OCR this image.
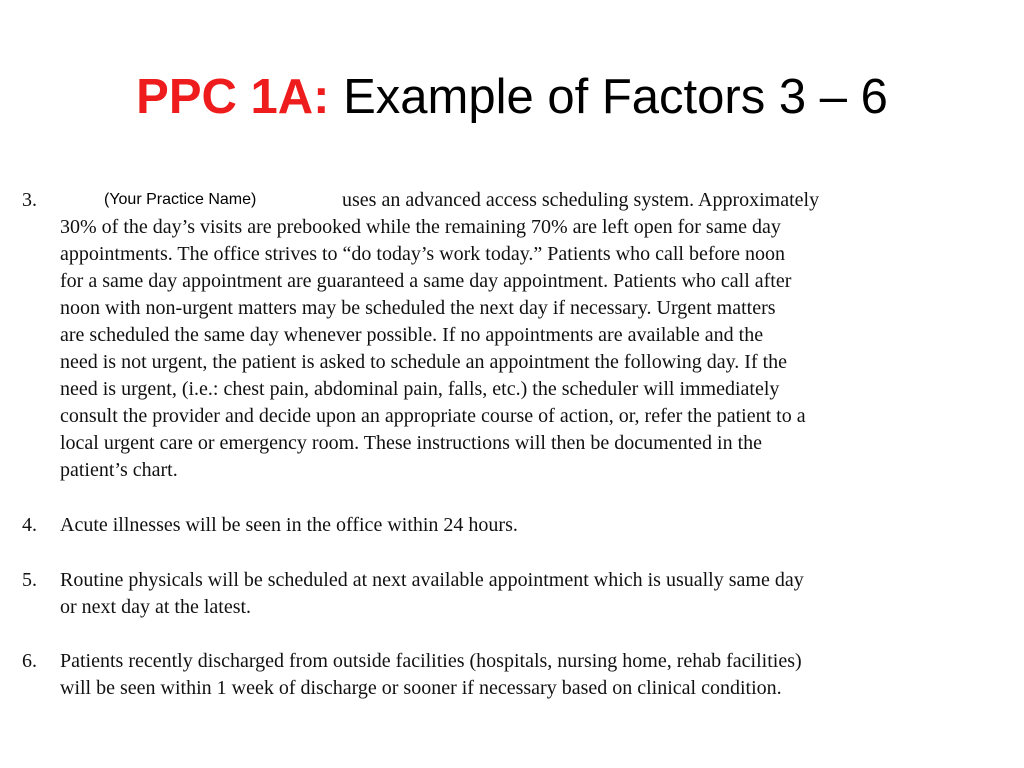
PPC 1A: Example of Factors 3 – 6
3.	(Your Practice Name)	uses an advanced access scheduling system. Approximately
30% of the day’s visits are prebooked while the remaining 70% are left open for same day
appointments. The office strives to “do today’s work today.” Patients who call before noon
for a same day appointment are guaranteed a same day appointment. Patients who call after
noon with non-urgent matters may be scheduled the next day if necessary. Urgent matters
are scheduled the same day whenever possible. If no appointments are available and the
need is not urgent, the patient is asked to schedule an appointment the following day. If the
need is urgent, (i.e.: chest pain, abdominal pain, falls, etc.) the scheduler will immediately
consult the provider and decide upon an appropriate course of action, or, refer the patient to a
local urgent care or emergency room. These instructions will then be documented in the
patient’s chart.
4.	Acute illnesses will be seen in the office within 24 hours.
5.	Routine physicals will be scheduled at next available appointment which is usually same day
or next day at the latest.
6.	Patients recently discharged from outside facilities (hospitals, nursing home, rehab facilities)
will be seen within 1 week of discharge or sooner if necessary based on clinical condition.
